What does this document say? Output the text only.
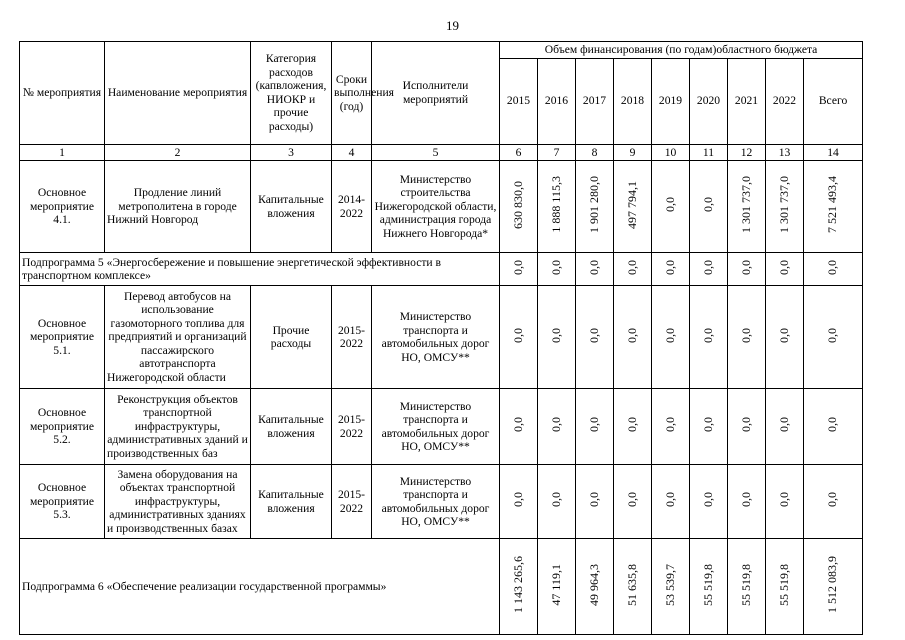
19
№ мероприятия	Наименование мероприятия	Категория расходов (капвложения, НИОКР и прочие расходы)	Сроки выполнения (год)	Исполнители мероприятий	Объем финансирования (по годам)областного бюджета								
					2015	2016	2017	2018	2019	2020	2021	2022	Всего
1	2	3	4	5	6	7	8	9	10	11	12	13	14
Основное мероприятие 4.1.	Продление линий метрополитена в городе Нижний Новгород	Капитальные вложения	2014-2022	Министерство строительства Нижегородской области, администрация города Нижнего Новгорода*	630 830,0	1 888 115,3	1 901 280,0	497 794,1	0,0	0,0	1 301 737,0	1 301 737,0	7 521 493,4
Подпрограмма 5 «Энергосбережение и повышение энергетической эффективности в транспортном комплексе»					0,0	0,0	0,0	0,0	0,0	0,0	0,0	0,0	0,0
Основное мероприятие 5.1.	Перевод автобусов на использование газомоторного топлива для предприятий и организаций пассажирского автотранспорта Нижегородской области	Прочие расходы	2015-2022	Министерство транспорта и автомобильных дорог НО, ОМСУ**	0,0	0,0	0,0	0,0	0,0	0,0	0,0	0,0	0,0
Основное мероприятие 5.2.	Реконструкция объектов транспортной инфраструктуры, административных зданий и производственных баз	Капитальные вложения	2015-2022	Министерство транспорта и автомобильных дорог НО, ОМСУ**	0,0	0,0	0,0	0,0	0,0	0,0	0,0	0,0	0,0
Основное мероприятие 5.3.	Замена оборудования на объектах транспортной инфраструктуры, административных зданиях и производственных базах	Капитальные вложения	2015-2022	Министерство транспорта и автомобильных дорог НО, ОМСУ**	0,0	0,0	0,0	0,0	0,0	0,0	0,0	0,0	0,0
Подпрограмма 6 «Обеспечение реализации государственной программы»					1 143 265,6	47 119,1	49 964,3	51 635,8	53 539,7	55 519,8	55 519,8	55 519,8	1 512 083,9
